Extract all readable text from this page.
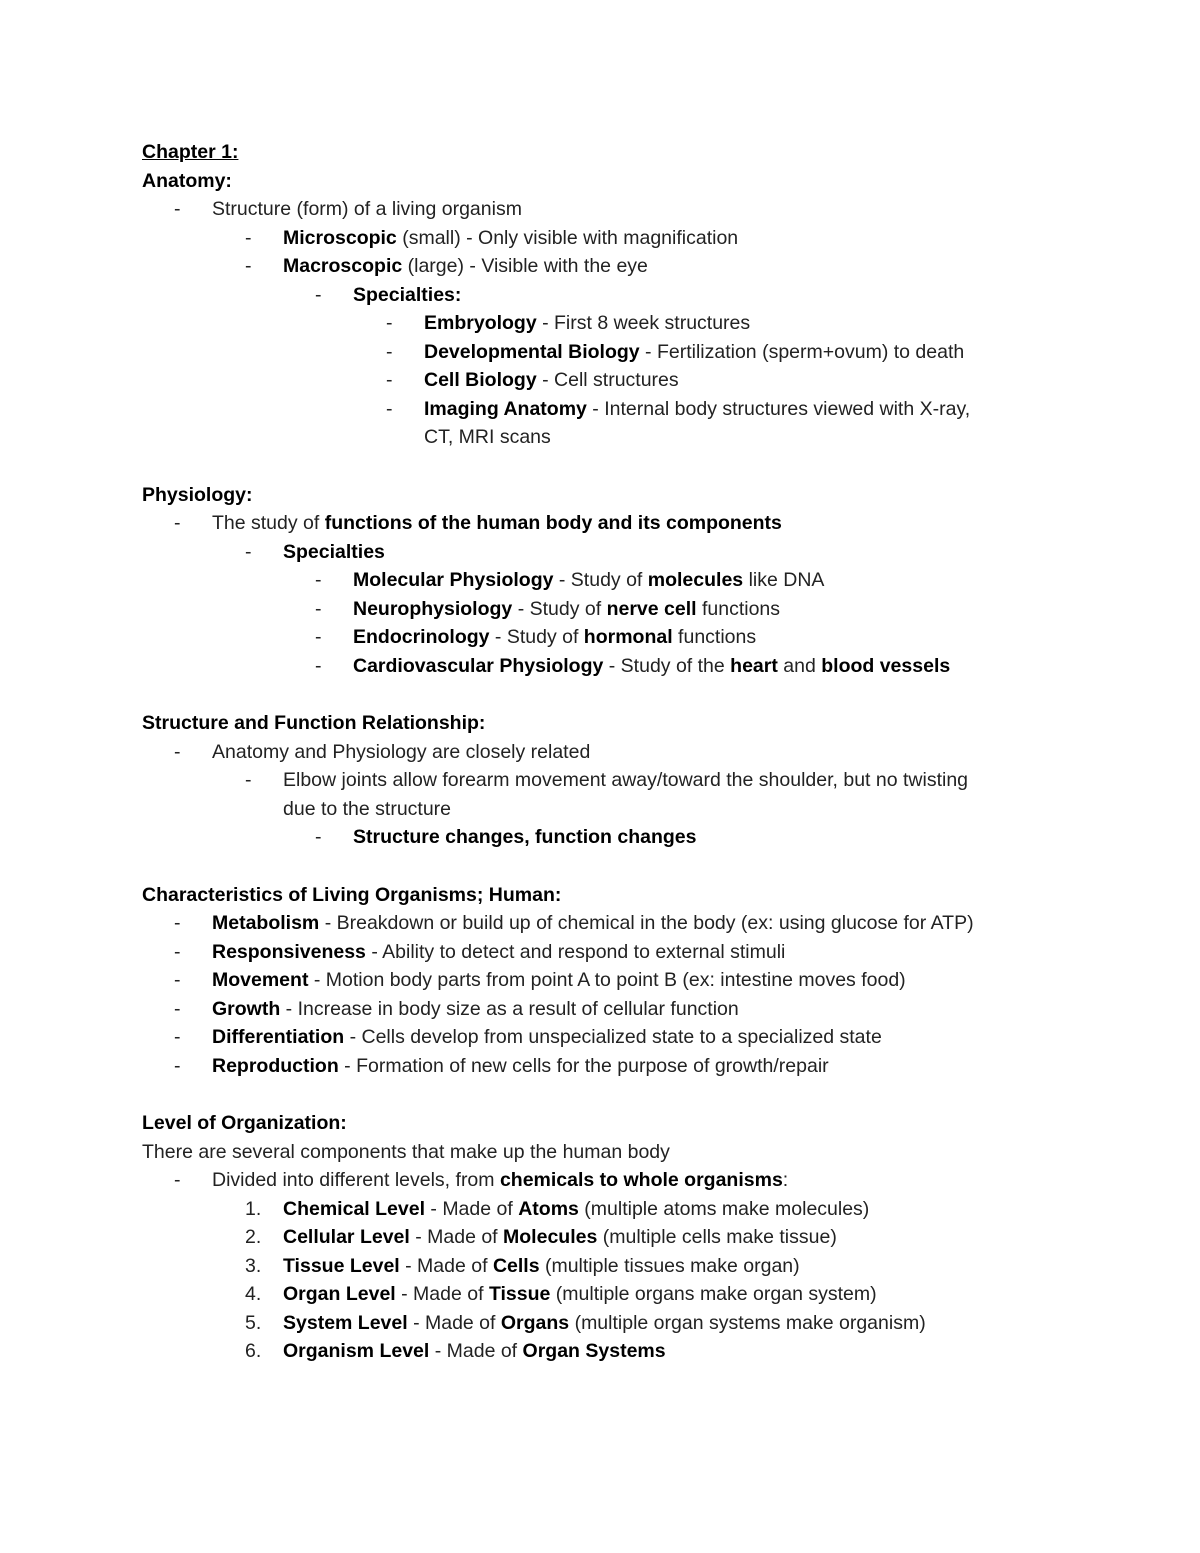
Chapter 1:
Anatomy:
- Structure (form) of a living organism
- Microscopic (small) - Only visible with magnification
- Macroscopic (large) - Visible with the eye
- Specialties:
- Embryology - First 8 week structures
- Developmental Biology - Fertilization (sperm+ovum) to death
- Cell Biology - Cell structures
- Imaging Anatomy - Internal body structures viewed with X-ray,
CT, MRI scans
Physiology:
- The study of functions of the human body and its components
- Specialties
- Molecular Physiology - Study of molecules like DNA
- Neurophysiology - Study of nerve cell functions
- Endocrinology - Study of hormonal functions
- Cardiovascular Physiology - Study of the heart and blood vessels
Structure and Function Relationship:
- Anatomy and Physiology are closely related
- Elbow joints allow forearm movement away/toward the shoulder, but no twisting
due to the structure
- Structure changes, function changes
Characteristics of Living Organisms; Human:
- Metabolism - Breakdown or build up of chemical in the body (ex: using glucose for ATP)
- Responsiveness - Ability to detect and respond to external stimuli
- Movement - Motion body parts from point A to point B (ex: intestine moves food)
- Growth - Increase in body size as a result of cellular function
- Differentiation - Cells develop from unspecialized state to a specialized state
- Reproduction - Formation of new cells for the purpose of growth/repair
Level of Organization:
There are several components that make up the human body
- Divided into different levels, from chemicals to whole organisms:
1. Chemical Level - Made of Atoms (multiple atoms make molecules)
2. Cellular Level - Made of Molecules (multiple cells make tissue)
3. Tissue Level - Made of Cells (multiple tissues make organ)
4. Organ Level - Made of Tissue (multiple organs make organ system)
5. System Level - Made of Organs (multiple organ systems make organism)
6. Organism Level - Made of Organ Systems
